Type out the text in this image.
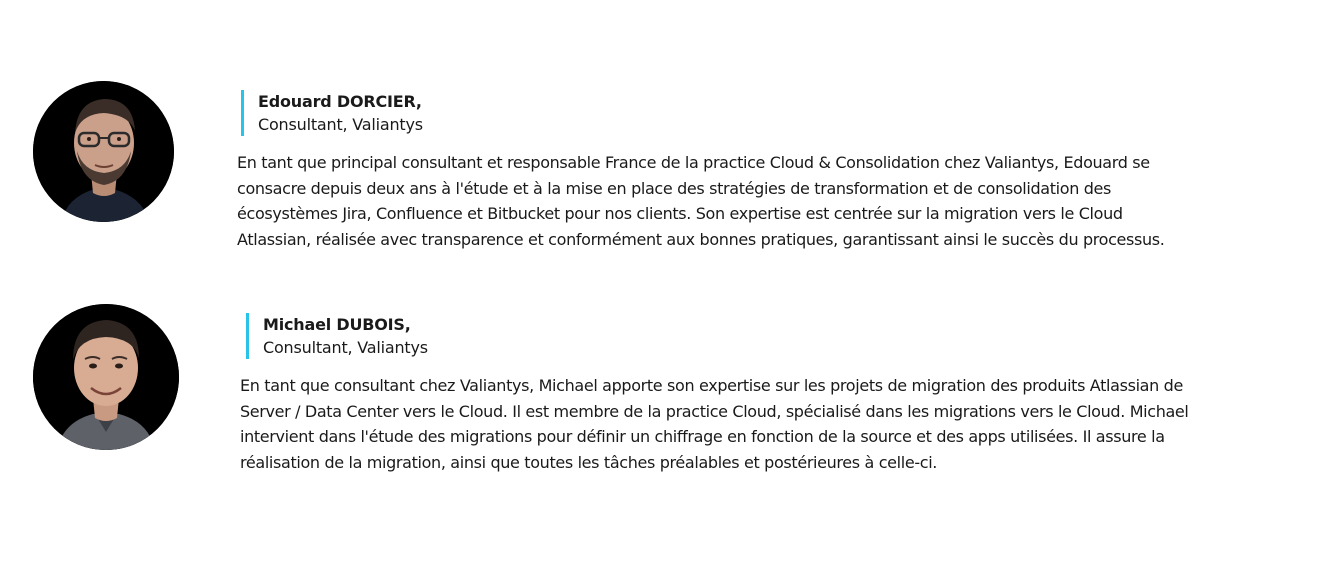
Edouard DORCIER,
Consultant, Valiantys

En tant que principal consultant et responsable France de la practice Cloud & Consolidation chez Valiantys, Edouard se
consacre depuis deux ans à l'étude et à la mise en place des stratégies de transformation et de consolidation des
écosystèmes Jira, Confluence et Bitbucket pour nos clients. Son expertise est centrée sur la migration vers le Cloud
Atlassian, réalisée avec transparence et conformément aux bonnes pratiques, garantissant ainsi le succès du processus.

Michael DUBOIS,
Consultant, Valiantys

En tant que consultant chez Valiantys, Michael apporte son expertise sur les projets de migration des produits Atlassian de
Server / Data Center vers le Cloud. Il est membre de la practice Cloud, spécialisé dans les migrations vers le Cloud. Michael
intervient dans l'étude des migrations pour définir un chiffrage en fonction de la source et des apps utilisées. Il assure la
réalisation de la migration, ainsi que toutes les tâches préalables et postérieures à celle-ci.
